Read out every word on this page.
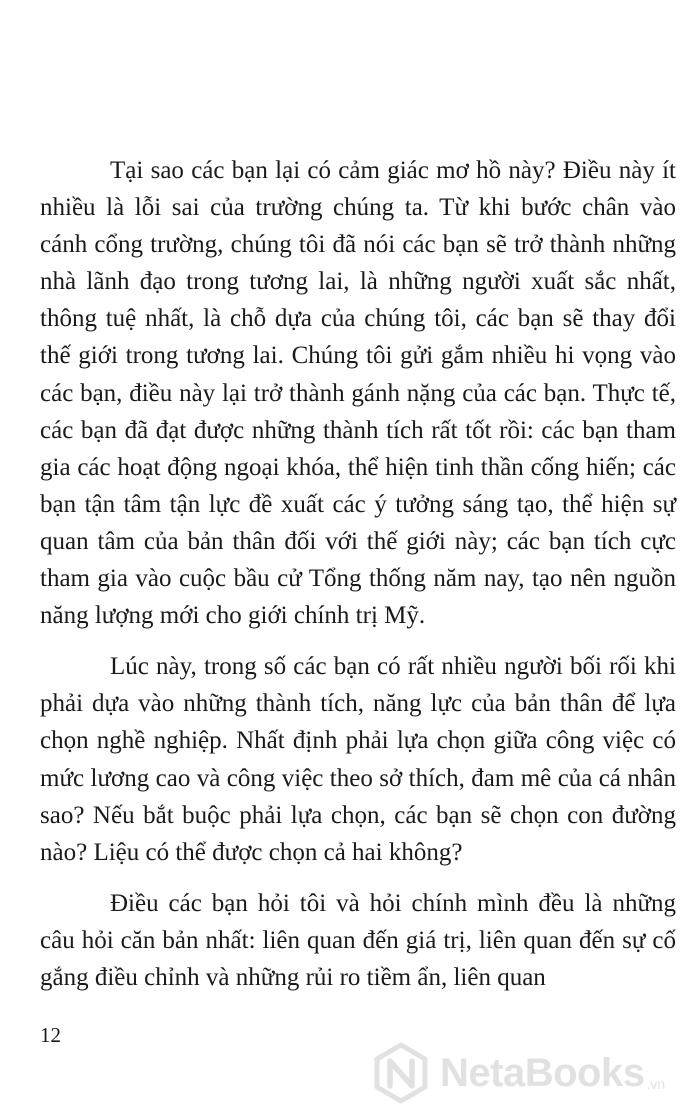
Tại sao các bạn lại có cảm giác mơ hồ này? Điều này ít nhiều là lỗi sai của trường chúng ta. Từ khi bước chân vào cánh cổng trường, chúng tôi đã nói các bạn sẽ trở thành những nhà lãnh đạo trong tương lai, là những người xuất sắc nhất, thông tuệ nhất, là chỗ dựa của chúng tôi, các bạn sẽ thay đổi thế giới trong tương lai. Chúng tôi gửi gắm nhiều hi vọng vào các bạn, điều này lại trở thành gánh nặng của các bạn. Thực tế, các bạn đã đạt được những thành tích rất tốt rồi: các bạn tham gia các hoạt động ngoại khóa, thể hiện tinh thần cống hiến; các bạn tận tâm tận lực đề xuất các ý tưởng sáng tạo, thể hiện sự quan tâm của bản thân đối với thế giới này; các bạn tích cực tham gia vào cuộc bầu cử Tổng thống năm nay, tạo nên nguồn năng lượng mới cho giới chính trị Mỹ.

Lúc này, trong số các bạn có rất nhiều người bối rối khi phải dựa vào những thành tích, năng lực của bản thân để lựa chọn nghề nghiệp. Nhất định phải lựa chọn giữa công việc có mức lương cao và công việc theo sở thích, đam mê của cá nhân sao? Nếu bắt buộc phải lựa chọn, các bạn sẽ chọn con đường nào? Liệu có thể được chọn cả hai không?

Điều các bạn hỏi tôi và hỏi chính mình đều là những câu hỏi căn bản nhất: liên quan đến giá trị, liên quan đến sự cố gắng điều chỉnh và những rủi ro tiềm ẩn, liên quan

12

NetaBooks .vn
